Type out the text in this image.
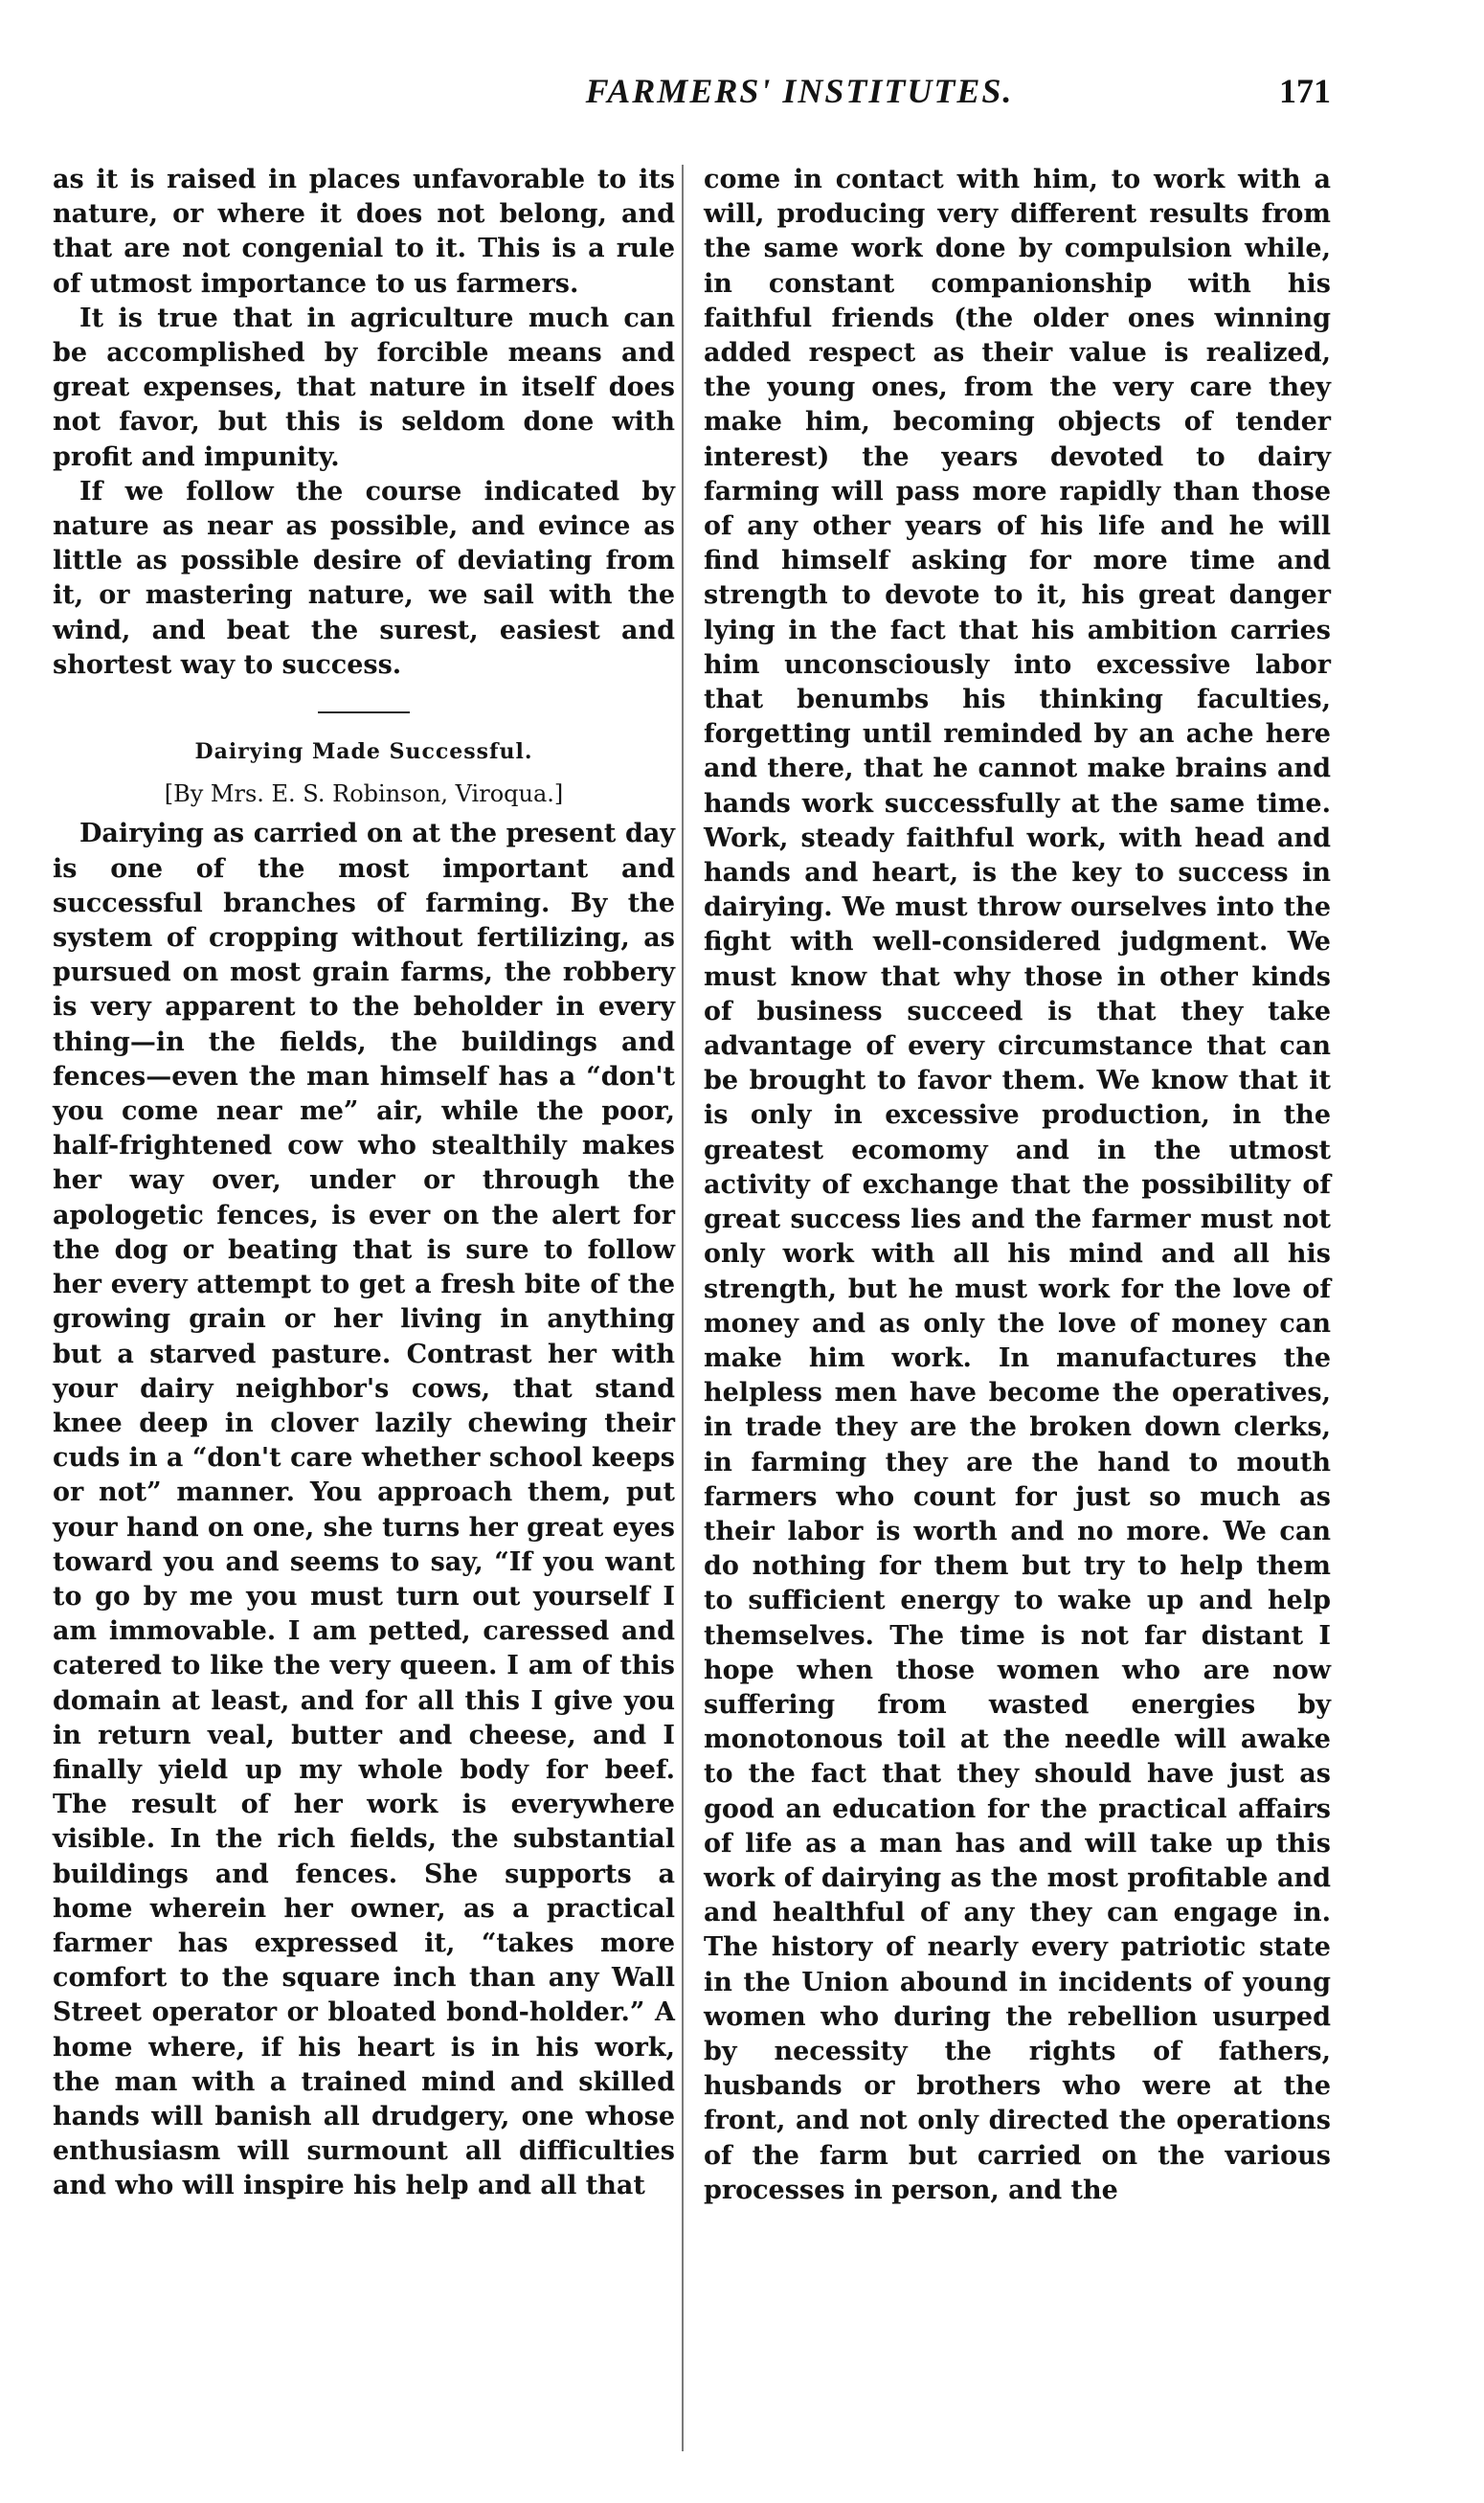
FARMERS' INSTITUTES.	171

as it is raised in places unfavorable to its nature, or where it does not belong, and that are not congenial to it. This is a rule of utmost importance to us farmers.

It is true that in agriculture much can be accomplished by forcible means and great expenses, that nature in itself does not favor, but this is seldom done with profit and impunity.

If we follow the course indicated by nature as near as possible, and evince as little as possible desire of deviating from it, or mastering nature, we sail with the wind, and beat the surest, easiest and shortest way to success.

Dairying Made Successful.
[By Mrs. E. S. Robinson, Viroqua.]

Dairying as carried on at the present day is one of the most important and successful branches of farming. By the system of cropping without fertilizing, as pursued on most grain farms, the robbery is very apparent to the beholder in every thing—in the fields, the buildings and fences—even the man himself has a “don't you come near me” air, while the poor, half-frightened cow who stealthily makes her way over, under or through the apologetic fences, is ever on the alert for the dog or beating that is sure to follow her every attempt to get a fresh bite of the growing grain or her living in anything but a starved pasture. Contrast her with your dairy neighbor's cows, that stand knee deep in clover lazily chewing their cuds in a “don't care whether school keeps or not” manner. You approach them, put your hand on one, she turns her great eyes toward you and seems to say, “If you want to go by me you must turn out yourself I am immovable. I am petted, caressed and catered to like the very queen. I am of this domain at least, and for all this I give you in return veal, butter and cheese, and I finally yield up my whole body for beef. The result of her work is everywhere visible. In the rich fields, the substantial buildings and fences. She supports a home wherein her owner, as a practical farmer has expressed it, “takes more comfort to the square inch than any Wall Street operator or bloated bond-holder.” A home where, if his heart is in his work, the man with a trained mind and skilled hands will banish all drudgery, one whose enthusiasm will surmount all difficulties and who will inspire his help and all that

come in contact with him, to work with a will, producing very different results from the same work done by compulsion while, in constant companionship with his faithful friends (the older ones winning added respect as their value is realized, the young ones, from the very care they make him, becoming objects of tender interest) the years devoted to dairy farming will pass more rapidly than those of any other years of his life and he will find himself asking for more time and strength to devote to it, his great danger lying in the fact that his ambition carries him unconsciously into excessive labor that benumbs his thinking faculties, forgetting until reminded by an ache here and there, that he cannot make brains and hands work successfully at the same time. Work, steady faithful work, with head and hands and heart, is the key to success in dairying. We must throw ourselves into the fight with well-considered judgment. We must know that why those in other kinds of business succeed is that they take advantage of every circumstance that can be brought to favor them. We know that it is only in excessive production, in the greatest ecomomy and in the utmost activity of exchange that the possibility of great success lies and the farmer must not only work with all his mind and all his strength, but he must work for the love of money and as only the love of money can make him work. In manufactures the helpless men have become the operatives, in trade they are the broken down clerks, in farming they are the hand to mouth farmers who count for just so much as their labor is worth and no more. We can do nothing for them but try to help them to sufficient energy to wake up and help themselves. The time is not far distant I hope when those women who are now suffering from wasted energies by monotonous toil at the needle will awake to the fact that they should have just as good an education for the practical affairs of life as a man has and will take up this work of dairying as the most profitable and and healthful of any they can engage in. The history of nearly every patriotic state in the Union abound in incidents of young women who during the rebellion usurped by necessity the rights of fathers, husbands or brothers who were at the front, and not only directed the operations of the farm but carried on the various processes in person, and the
